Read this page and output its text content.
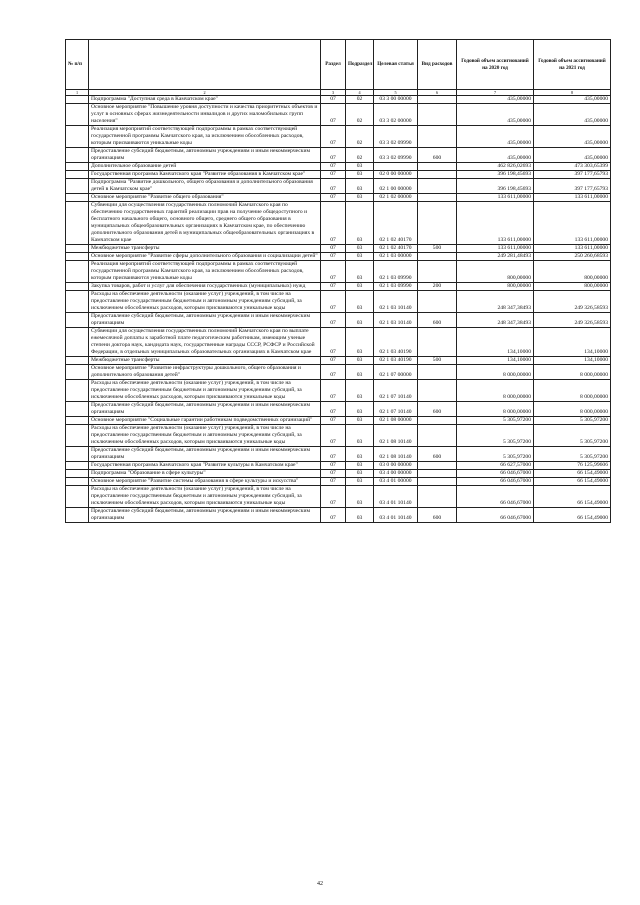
№ п/п		Раздел	Подраздел	Целевая статья	Вид расходов	Годовой объем ассигнований на 2020 год	Годовой объем ассигнований на 2021 год
1	2	3	4	5	6	7	8
	Подпрограмма "Доступная среда в Камчатском крае"	07	02	03 3 00 00000		435,00000	435,00000
	Основное мероприятие "Повышение уровня доступности и качества приоритетных объектов и услуг в основных сферах жизнедеятельности инвалидов и других маломобильных групп населения"	07	02	03 3 02 00000		435,00000	435,00000
	Реализация мероприятий соответствующей подпрограммы в рамках соответствующей государственной программы Камчатского края, за исключением обособленных расходов, которым присваиваются уникальные коды	07	02	03 3 02 09990		435,00000	435,00000
	Предоставление субсидий бюджетным, автономным учреждениям и иным некоммерческим организациям	07	02	03 3 02 09990	600	435,00000	435,00000
	Дополнительное образование детей	07	03			462 826,02693	473 303,65399
	Государственная программа Камчатского края "Развитие образования в Камчатском крае"	07	03	02 0 00 00000		396 198,45693	397 177,65793
	Подпрограмма "Развитие дошкольного, общего образования и дополнительного образования детей в Камчатском крае"	07	03	02 1 00 00000		396 198,45693	397 177,65793
	Основное мероприятие "Развитие общего образования"	07	03	02 1 02 00000		133 611,00000	133 611,00000
	Субвенции для осуществления государственных полномочий Камчатского края по обеспечению государственных гарантий реализации прав на получение общедоступного и бесплатного начального общего, основного общего, среднего общего образования в муниципальных общеобразовательных организациях в Камчатском крае, по обеспечению дополнительного образования детей в муниципальных общеобразовательных организациях в Камчатском крае	07	03	02 1 02 40170		133 611,00000	133 611,00000
	Межбюджетные трансферты	07	03	02 1 02 40170	500	133 611,00000	133 611,00000
	Основное мероприятие "Развитие сферы дополнительного образования и социализации детей"	07	03	02 1 03 00000		249 281,48493	250 260,68593
	Реализация мероприятий соответствующей подпрограммы в рамках соответствующей государственной программы Камчатского края, за исключением обособленных расходов, которым присваиваются уникальные коды	07	03	02 1 03 09990		800,00000	800,00000
	Закупка товаров, работ и услуг для обеспечения государственных (муниципальных) нужд	07	03	02 1 03 09990	200	800,00000	800,00000
	Расходы на обеспечение деятельности (оказание услуг) учреждений, в том числе на предоставление государственным бюджетным и автономным учреждениям субсидий, за исключением обособленных расходов, которым присваиваются уникальные коды	07	03	02 1 03 10140		248 347,38493	249 326,58593
	Предоставление субсидий бюджетным, автономным учреждениям и иным некоммерческим организациям	07	03	02 1 03 10140	600	248 347,38493	249 326,58593
	Субвенции для осуществления государственных полномочий Камчатского края по выплате ежемесячной доплаты к заработной плате педагогическим работникам, имеющим ученые степени доктора наук, кандидата наук, государственные награды СССР, РСФСР и Российской Федерации, в отдельных муниципальных образовательных организациях в Камчатском крае	07	03	02 1 03 40190		134,10000	134,10000
	Межбюджетные трансферты	07	03	02 1 03 40190	500	134,10000	134,10000
	Основное мероприятие "Развитие инфраструктуры дошкольного, общего образования и дополнительного образования детей"	07	03	02 1 07 00000		8 000,00000	8 000,00000
	Расходы на обеспечение деятельности (оказание услуг) учреждений, в том числе на предоставление государственным бюджетным и автономным учреждениям субсидий, за исключением обособленных расходов, которым присваиваются уникальные коды	07	03	02 1 07 10140		8 000,00000	8 000,00000
	Предоставление субсидий бюджетным, автономным учреждениям и иным некоммерческим организациям	07	03	02 1 07 10140	600	8 000,00000	8 000,00000
	Основное мероприятие "Социальные гарантии работникам подведомственных организаций"	07	03	02 1 08 00000		5 305,97200	5 305,97200
	Расходы на обеспечение деятельности (оказание услуг) учреждений, в том числе на предоставление государственным бюджетным и автономным учреждениям субсидий, за исключением обособленных расходов, которым присваиваются уникальные коды	07	03	02 1 08 10140		5 305,97200	5 305,97200
	Предоставление субсидий бюджетным, автономным учреждениям и иным некоммерческим организациям	07	03	02 1 08 10140	600	5 305,97200	5 305,97200
	Государственная программа Камчатского края "Развитие культуры в Камчатском крае"	07	03	03 0 00 00000		66 627,57000	76 125,99606
	Подпрограмма "Образование в сфере культуры"	07	03	03 4 00 00000		66 046,67000	66 154,49000
	Основное мероприятие "Развитие системы образования в сфере культуры и искусства"	07	03	03 4 01 00000		66 046,67000	66 154,49000
	Расходы на обеспечение деятельности (оказание услуг) учреждений, в том числе на предоставление государственным бюджетным и автономным учреждениям субсидий, за исключением обособленных расходов, которым присваиваются уникальные коды	07	03	03 4 01 10140		66 046,67000	66 154,49000
	Предоставление субсидий бюджетным, автономным учреждениям и иным некоммерческим организациям	07	03	03 4 01 10140	600	66 046,67000	66 154,49000
42
